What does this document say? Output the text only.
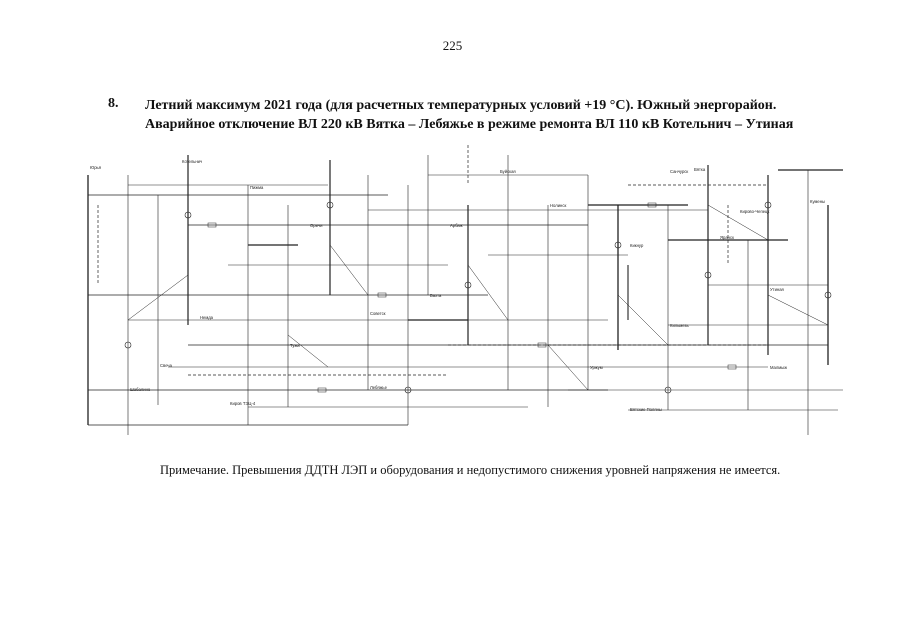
225
8. Летний максимум 2021 года (для расчетных температурных условий +19 °С). Южный энергорайон.
Аварийное отключение ВЛ 220 кВ Вятка – Лебяжье в режиме ремонта ВЛ 110 кВ Котельнич – Утиная
Вятка
Лебяжье
Котельнич
Утиная
Пижма
Юрья
Оричи
Бахта
Буйская
Советск
Кикнур
Яранск
Нолинск
Уржум
Кильмезь
Малмыж
Вятские Поляны
Немда
Тужа
Санчурск
Арбаж
Кумены
Шабалино
Свеча
Киров ТЭЦ-4
Кирово-Чепецк
Примечание. Превышения ДДТН ЛЭП и оборудования и недопустимого снижения уровней напряжения не имеется.
